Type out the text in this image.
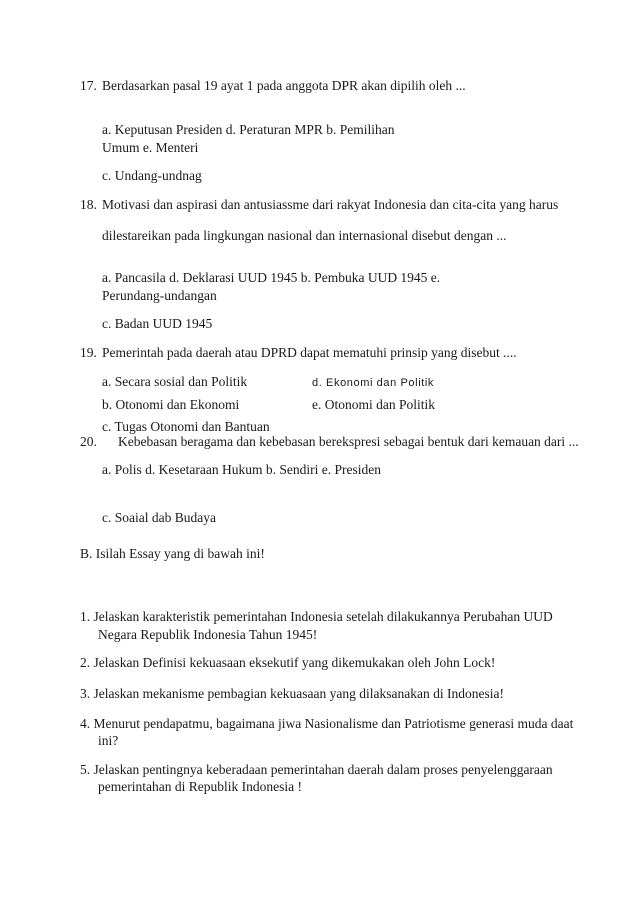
17. Berdasarkan pasal 19 ayat 1 pada anggota DPR akan dipilih oleh ...
a. Keputusan Presiden d. Peraturan MPR b. Pemilihan
Umum e. Menteri
c. Undang-undnag
18. Motivasi dan aspirasi dan antusiassme dari rakyat Indonesia dan cita-cita yang harus
dilestareikan pada lingkungan nasional dan internasional disebut dengan ...
a. Pancasila d. Deklarasi UUD 1945 b. Pembuka UUD 1945 e.
Perundang-undangan
c. Badan UUD 1945
19. Pemerintah pada daerah atau DPRD dapat mematuhi prinsip yang disebut ....
a. Secara sosial dan Politik	d. Ekonomi dan Politik
b. Otonomi dan Ekonomi	e. Otonomi dan Politik
c. Tugas Otonomi dan Bantuan
20. Kebebasan beragama dan kebebasan berekspresi sebagai bentuk dari kemauan dari ...
a. Polis d. Kesetaraan Hukum b. Sendiri e. Presiden
c. Soaial dab Budaya
B. Isilah Essay yang di bawah ini!
1. Jelaskan karakteristik pemerintahan Indonesia setelah dilakukannya Perubahan UUD
Negara Republik Indonesia Tahun 1945!
2. Jelaskan Definisi kekuasaan eksekutif yang dikemukakan oleh John Lock!
3. Jelaskan mekanisme pembagian kekuasaan yang dilaksanakan di Indonesia!
4. Menurut pendapatmu, bagaimana jiwa Nasionalisme dan Patriotisme generasi muda daat
ini?
5. Jelaskan pentingnya keberadaan pemerintahan daerah dalam proses penyelenggaraan
pemerintahan di Republik Indonesia !
